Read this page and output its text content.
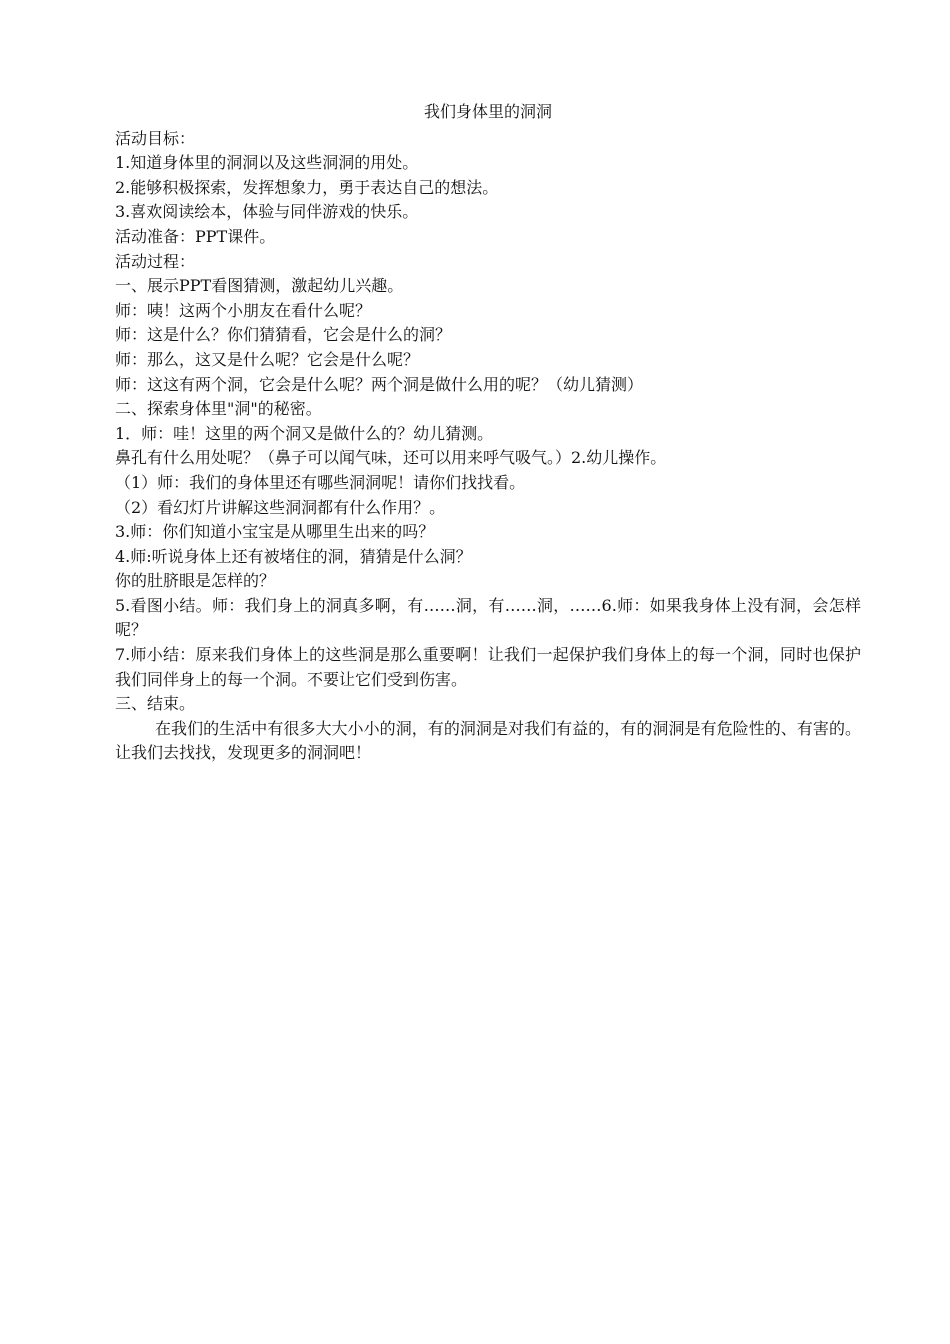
我们身体里的洞洞

活动目标：

1.知道身体里的洞洞以及这些洞洞的用处。

2.能够积极探索，发挥想象力，勇于表达自己的想法。

3.喜欢阅读绘本，体验与同伴游戏的快乐。

活动准备：PPT课件。

活动过程：

一、展示PPT看图猜测，激起幼儿兴趣。

师：咦！这两个小朋友在看什么呢？

师：这是什么？你们猜猜看，它会是什么的洞？

师：那么，这又是什么呢？它会是什么呢？

师：这这有两个洞，它会是什么呢？两个洞是做什么用的呢？（幼儿猜测）

二、探索身体里"洞"的秘密。

1．师：哇！这里的两个洞又是做什么的？幼儿猜测。

鼻孔有什么用处呢？（鼻子可以闻气味，还可以用来呼气吸气。）2.幼儿操作。

（1）师：我们的身体里还有哪些洞洞呢！请你们找找看。

（2）看幻灯片讲解这些洞洞都有什么作用？。

3.师：你们知道小宝宝是从哪里生出来的吗？

4.师:听说身体上还有被堵住的洞，猜猜是什么洞？

你的肚脐眼是怎样的？

5.看图小结。师：我们身上的洞真多啊，有……洞，有……洞，……6.师：如果我身体上没有洞，会怎样呢？

7.师小结：原来我们身体上的这些洞是那么重要啊！让我们一起保护我们身体上的每一个洞，同时也保护我们同伴身上的每一个洞。不要让它们受到伤害。

三、结束。

在我们的生活中有很多大大小小的洞，有的洞洞是对我们有益的，有的洞洞是有危险性的、有害的。让我们去找找，发现更多的洞洞吧！
